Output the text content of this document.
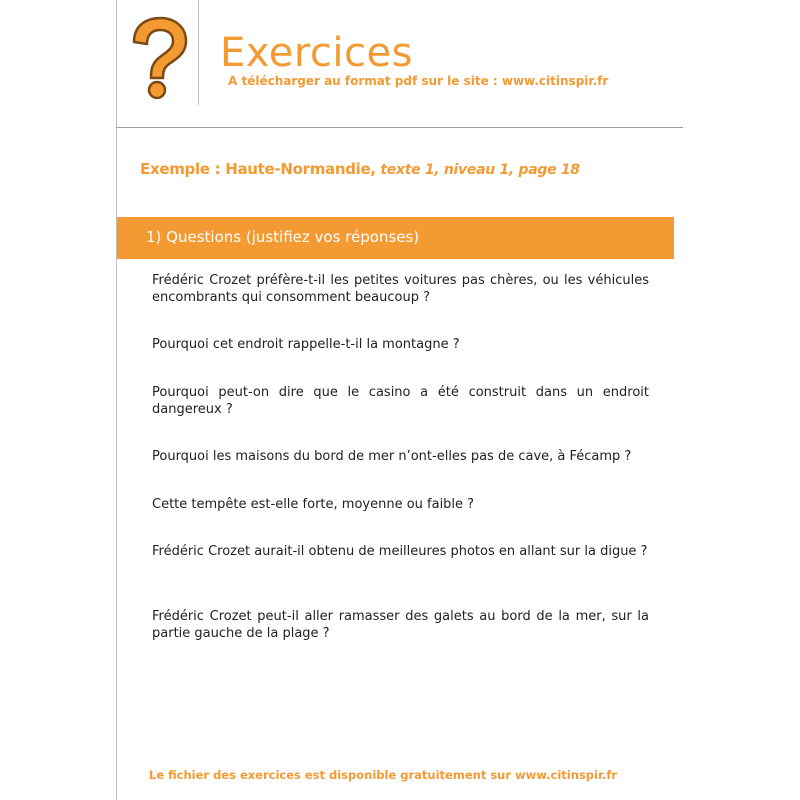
Exercices
A télécharger au format pdf sur le site : www.citinspir.fr
Exemple : Haute-Normandie, texte 1, niveau 1, page 18
1) Questions (justifiez vos réponses)
Frédéric Crozet préfère-t-il les petites voitures pas chères, ou les véhicules encombrants qui consomment beaucoup ?
Pourquoi cet endroit rappelle-t-il la montagne ?
Pourquoi peut-on dire que le casino a été construit dans un endroit dangereux ?
Pourquoi les maisons du bord de mer n’ont-elles pas de cave, à Fécamp ?
Cette tempête est-elle forte, moyenne ou faible ?
Frédéric Crozet aurait-il obtenu de meilleures photos en allant sur la digue ?
Frédéric Crozet peut-il aller ramasser des galets au bord de la mer, sur la partie gauche de la plage ?
Le fichier des exercices est disponible gratuitement sur www.citinspir.fr
